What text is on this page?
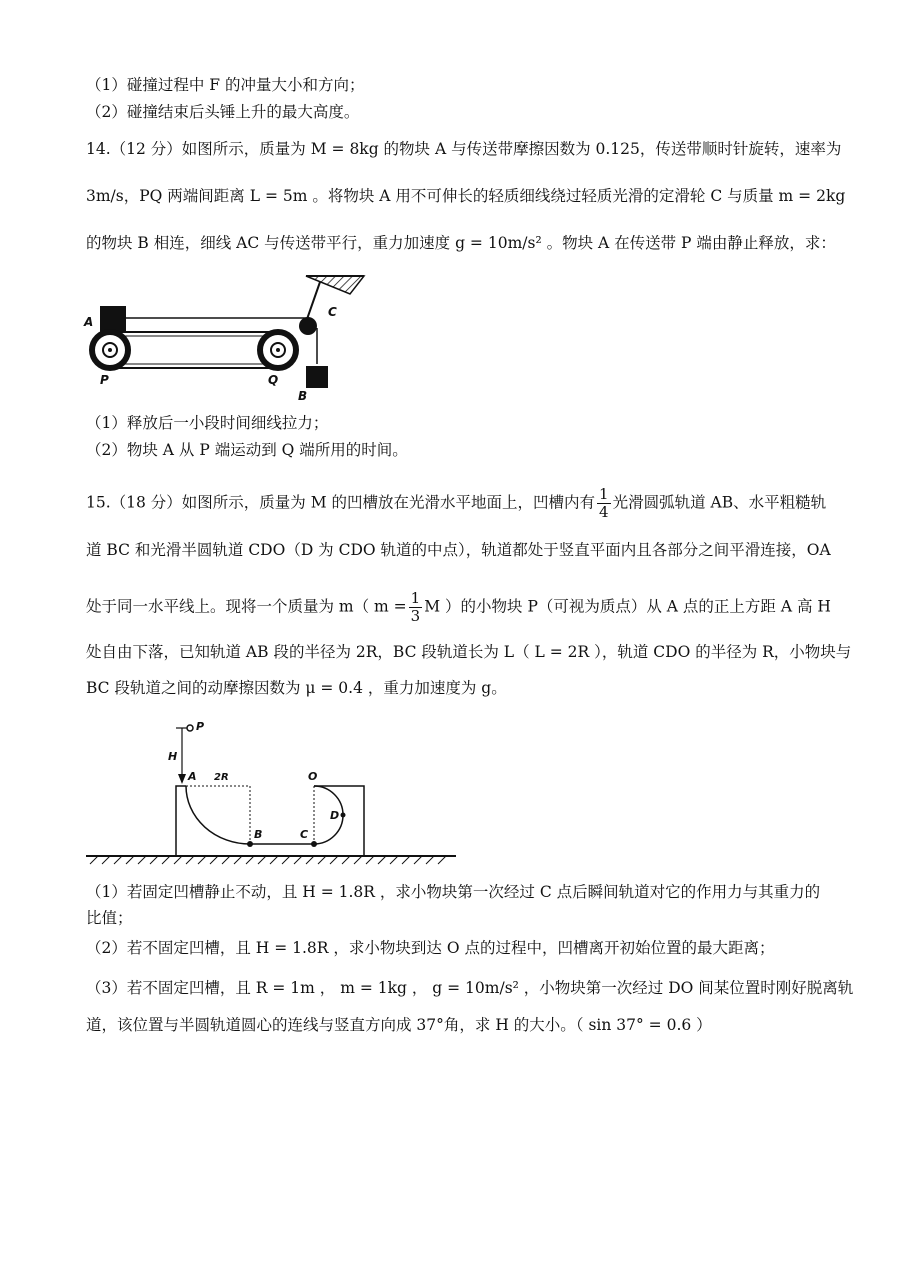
（1）碰撞过程中 F 的冲量大小和方向；
（2）碰撞结束后头锤上升的最大高度。
14.（12 分）如图所示，质量为 M = 8kg 的物块 A 与传送带摩擦因数为 0.125，传送带顺时针旋转，速率为
3m/s，PQ 两端间距离 L = 5m 。将物块 A 用不可伸长的轻质细线绕过轻质光滑的定滑轮 C 与质量 m = 2kg
的物块 B 相连，细线 AC 与传送带平行，重力加速度 g = 10m/s² 。物块 A 在传送带 P 端由静止释放，求：
A
C
P	Q
B
（1）释放后一小段时间细线拉力；
（2）物块 A 从 P 端运动到 Q 端所用的时间。
15.（18 分）如图所示，质量为 M 的凹槽放在光滑水平地面上，凹槽内有 $\frac{1}{4}$ 光滑圆弧轨道 AB、水平粗糙轨
道 BC 和光滑半圆轨道 CDO（D 为 CDO 轨道的中点），轨道都处于竖直平面内且各部分之间平滑连接，OA
处于同一水平线上。现将一个质量为 m（ $m = \frac{1}{3}$ M ）的小物块 P（可视为质点）从 A 点的正上方距 A 高 H
处自由下落，已知轨道 AB 段的半径为 2R，BC 段轨道长为 L（ L = 2R ），轨道 CDO 的半径为 R，小物块与
BC 段轨道之间的动摩擦因数为 μ = 0.4 ，重力加速度为 g。
P
H
A 2R	O
D
B	C
（1）若固定凹槽静止不动，且 H = 1.8R ，求小物块第一次经过 C 点后瞬间轨道对它的作用力与其重力的
比值；
（2）若不固定凹槽，且 H = 1.8R ，求小物块到达 O 点的过程中，凹槽离开初始位置的最大距离；
（3）若不固定凹槽，且 R = 1m ， m = 1kg ， g = 10m/s² ，小物块第一次经过 DO 间某位置时刚好脱离轨
道，该位置与半圆轨道圆心的连线与竖直方向成 37°角，求 H 的大小。（ sin 37° = 0.6 ）
